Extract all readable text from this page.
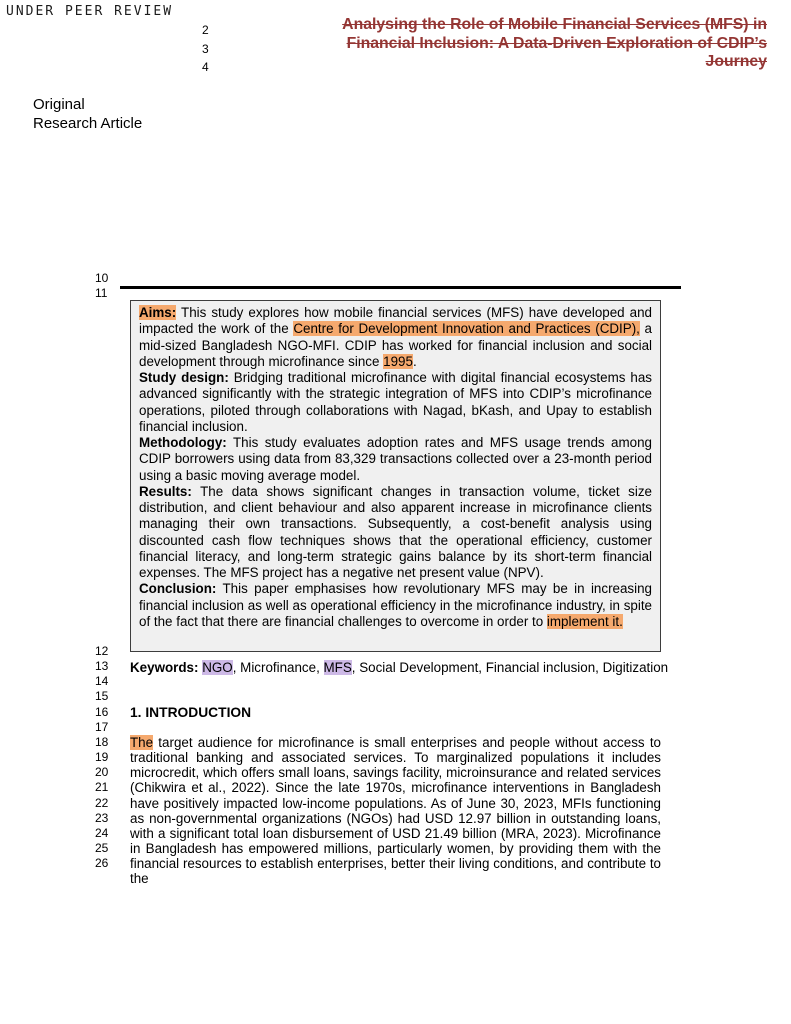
UNDER PEER REVIEW
2
3
4
Analysing the Role of Mobile Financial Services (MFS) in
Financial Inclusion: A Data-Driven Exploration of CDIP’s
Journey
Original
Research Article
10
11

Aims: This study explores how mobile financial services (MFS) have developed and impacted the work of the Centre for Development Innovation and Practices (CDIP), a mid-sized Bangladesh NGO-MFI. CDIP has worked for financial inclusion and social development through microfinance since 1995.

Study design: Bridging traditional microfinance with digital financial ecosystems has advanced significantly with the strategic integration of MFS into CDIP’s microfinance operations, piloted through collaborations with Nagad, bKash, and Upay to establish financial inclusion.

Methodology: This study evaluates adoption rates and MFS usage trends among CDIP borrowers using data from 83,329 transactions collected over a 23-month period using a basic moving average model.

Results: The data shows significant changes in transaction volume, ticket size distribution, and client behaviour and also apparent increase in microfinance clients managing their own transactions. Subsequently, a cost-benefit analysis using discounted cash flow techniques shows that the operational efficiency, customer financial literacy, and long-term strategic gains balance by its short-term financial expenses. The MFS project has a negative net present value (NPV).

Conclusion: This paper emphasises how revolutionary MFS may be in increasing financial inclusion as well as operational efficiency in the microfinance industry, in spite of the fact that there are financial challenges to overcome in order to implement it.

12
13
14
15
16
17
18
19
20
21
22
23
24
25
26

Keywords: NGO, Microfinance, MFS, Social Development, Financial inclusion, Digitization

1. INTRODUCTION

The target audience for microfinance is small enterprises and people without access to traditional banking and associated services. To marginalized populations it includes microcredit, which offers small loans, savings facility, microinsurance and related services (Chikwira et al., 2022). Since the late 1970s, microfinance interventions in Bangladesh have positively impacted low-income populations. As of June 30, 2023, MFIs functioning as non-governmental organizations (NGOs) had USD 12.97 billion in outstanding loans, with a significant total loan disbursement of USD 21.49 billion (MRA, 2023). Microfinance in Bangladesh has empowered millions, particularly women, by providing them with the financial resources to establish enterprises, better their living conditions, and contribute to the
